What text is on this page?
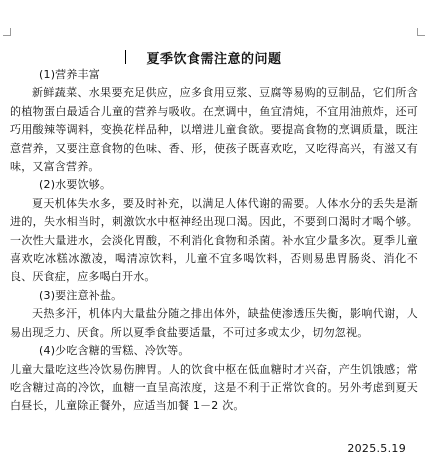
夏季饮食需注意的问题

(1)营养丰富

新鲜蔬菜、水果要充足供应，应多食用豆浆、豆腐等易购的豆制品，它们所含的植物蛋白最适合儿童的营养与吸收。在烹调中，鱼宜清炖，不宜用油煎炸，还可巧用酸辣等调料，变换花样品种，以增进儿童食欲。要提高食物的烹调质量，既注意营养，又要注意食物的色味、香、形，使孩子既喜欢吃，又吃得高兴，有滋又有味，又富含营养。

(2)水要饮够。

夏天机体失水多，要及时补充，以满足人体代谢的需要。人体水分的丢失是渐进的，失水相当时，刺激饮水中枢神经出现口渴。因此，不要到口渴时才喝个够。一次性大量进水，会淡化胃酸，不利消化食物和杀菌。补水宜少量多次。夏季儿童喜欢吃冰糕冰激凌，喝清凉饮料，儿童不宜多喝饮料，否则易患胃肠炎、消化不良、厌食症，应多喝白开水。

(3)要注意补盐。

天热多汗，机体内大量盐分随之排出体外，缺盐使渗透压失衡，影响代谢，人易出现乏力、厌食。所以夏季食盐要适量，不可过多或太少，切勿忽视。

(4)少吃含糖的雪糕、冷饮等。

儿童大量吃这些冷饮易伤脾胃。人的饮食中枢在低血糖时才兴奋，产生饥饿感；常吃含糖过高的冷饮，血糖一直呈高浓度，这是不利于正常饮食的。另外考虑到夏天白昼长，儿童除正餐外，应适当加餐 1－2 次。

2025.5.19
